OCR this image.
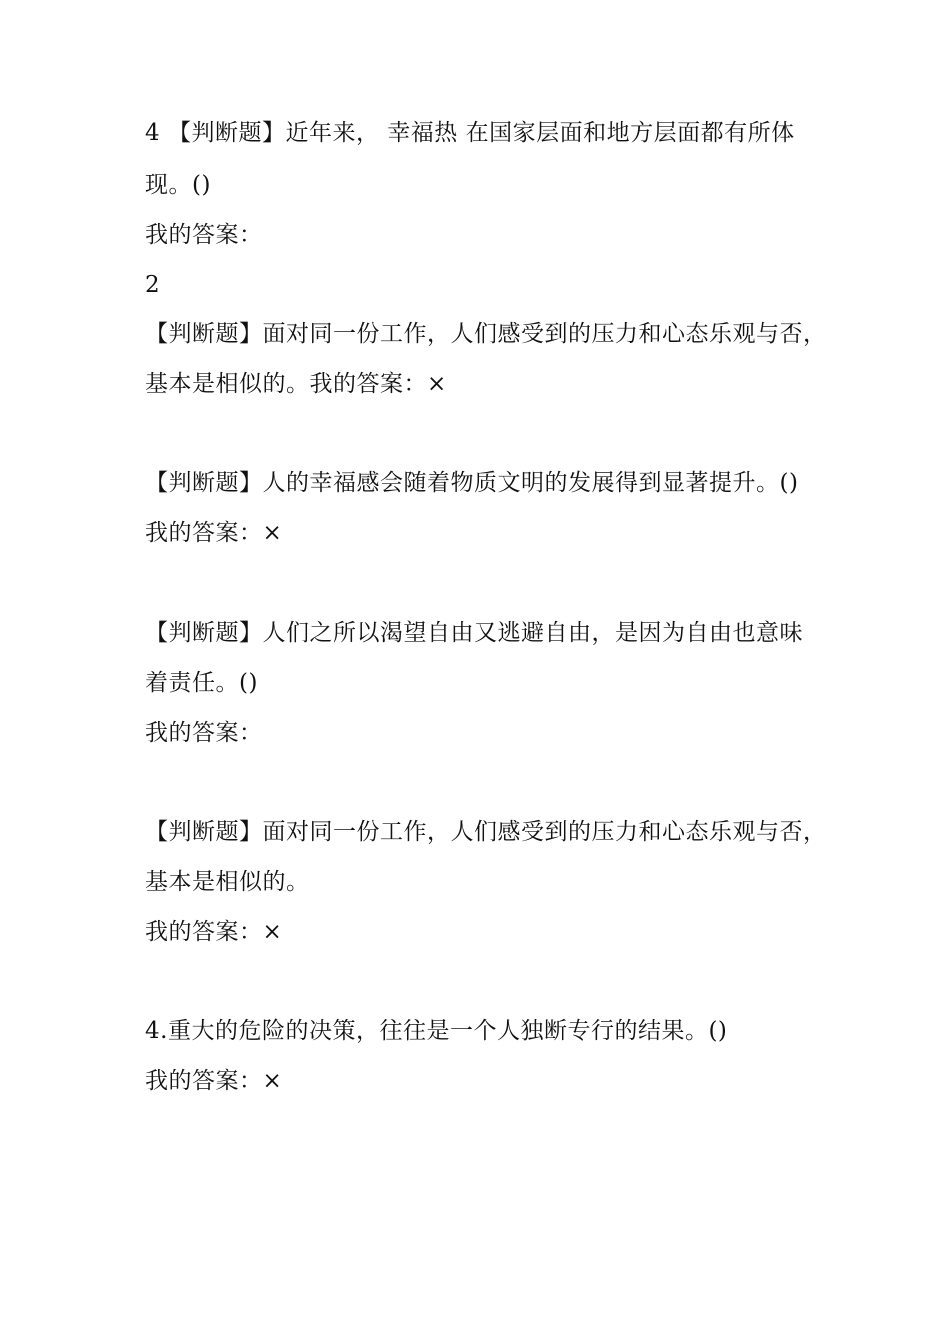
4 【判断题】近年来， 幸福热 在国家层面和地方层面都有所体
现。()
我的答案：
2
【判断题】面对同一份工作，人们感受到的压力和心态乐观与否，
基本是相似的。我的答案：×
【判断题】人的幸福感会随着物质文明的发展得到显著提升。()
我的答案：×
【判断题】人们之所以渴望自由又逃避自由，是因为自由也意味
着责任。()
我的答案：
【判断题】面对同一份工作，人们感受到的压力和心态乐观与否，
基本是相似的。
我的答案：×
4.重大的危险的决策，往往是一个人独断专行的结果。()
我的答案：×
